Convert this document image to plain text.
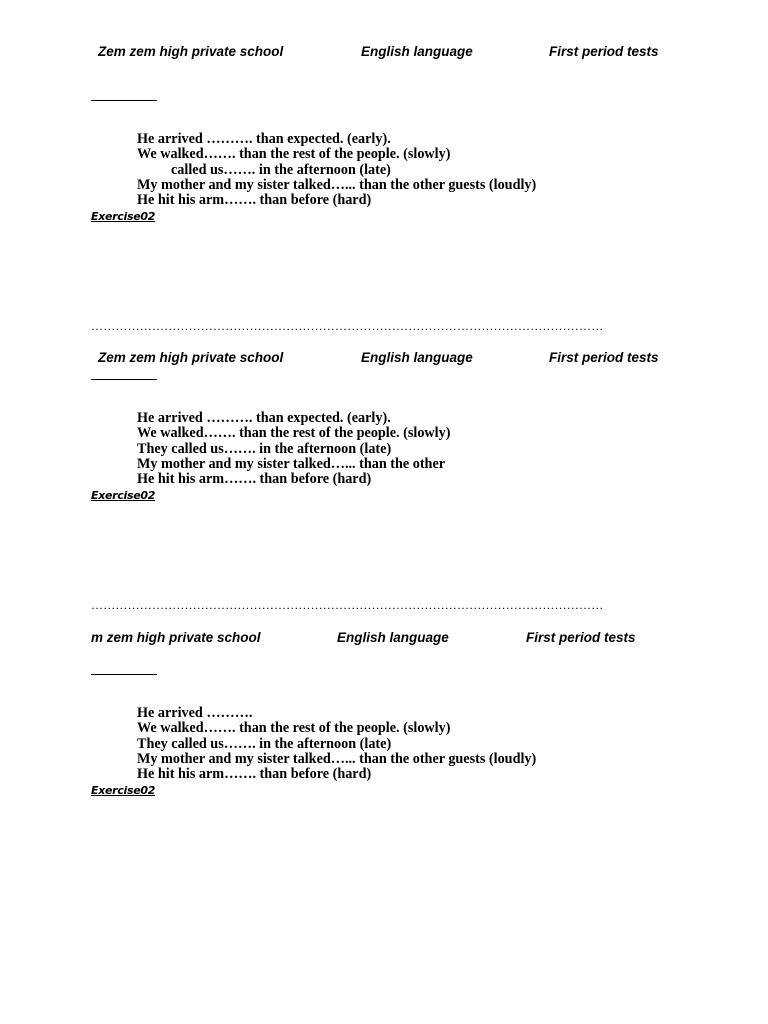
Zem zem high private school	English language	First period tests
He arrived ………. than expected. (early).
We walked……. than the rest of the people. (slowly)
called us……. in the afternoon (late)
My mother and my sister talked…... than the other guests (loudly)
He hit his arm……. than before (hard)
Exercise02
………………………………………………………………………………………………………………
Zem zem high private school	English language	First period tests
He arrived ………. than expected. (early).
We walked……. than the rest of the people. (slowly)
They called us……. in the afternoon (late)
My mother and my sister talked…... than the other
He hit his arm……. than before (hard)
Exercise02
………………………………………………………………………………………………………………
m zem high private school	English language	First period tests
He arrived ……….
We walked……. than the rest of the people. (slowly)
They called us……. in the afternoon (late)
My mother and my sister talked…... than the other guests (loudly)
He hit his arm……. than before (hard)
Exercise02
